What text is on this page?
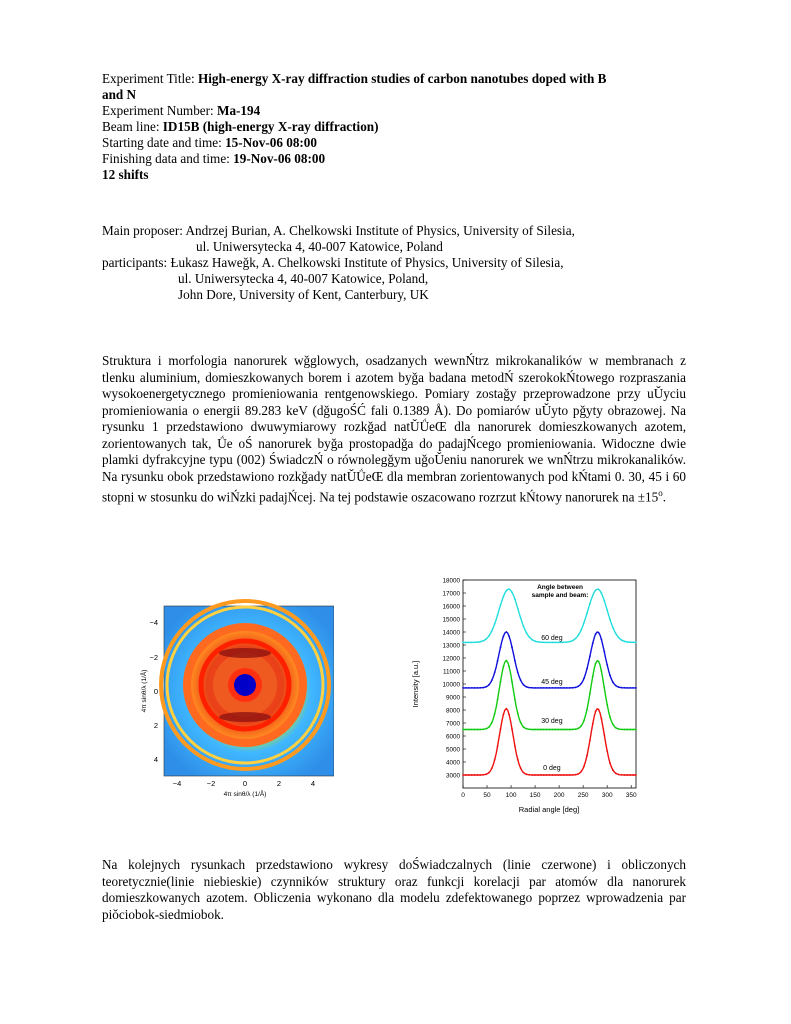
Experiment Title: High-energy X-ray diffraction studies of carbon nanotubes doped with B
and N
Experiment Number: Ma-194
Beam line: ID15B (high-energy X-ray diffraction)
Starting date and time: 15-Nov-06 08:00
Finishing data and time: 19-Nov-06 08:00
12 shifts
Main proposer: Andrzej Burian, A. Chelkowski Institute of Physics, University of Silesia,
ul. Uniwersytecka 4, 40-007 Katowice, Poland
participants: Ƚukasz Haweǧk, A. Chelkowski Institute of Physics, University of Silesia,
ul. Uniwersytecka 4, 40-007 Katowice, Poland,
John Dore, University of Kent, Canterbury, UK

Struktura i morfologia nanorurek wǧglowych, osadzanych wewnŃtrz mikrokanalików w membranach z tlenku aluminium, domieszkowanych borem i azotem byǧa badana metodŃ szerokokŃtowego rozpraszania wysokoenergetycznego promieniowania rentgenowskiego. Pomiary zostaǧy przeprowadzone przy uǓyciu promieniowania o energii 89.283 keV (dǧugoŚĆ fali 0.1389 Å). Do pomiarów uǓyto pǧyty obrazowej. Na rysunku 1 przedstawiono dwuwymiarowy rozkǧad natǓǗeŒ dla nanorurek domieszkowanych azotem, zorientowanych tak, Ǘe oŚ nanorurek byǧa prostopadǧa do padajŃcego promieniowania. Widoczne dwie plamki dyfrakcyjne typu (002) ŚwiadczŃ o równolegǧym uǧoǓeniu nanorurek we wnŃtrzu mikrokanalików. Na rysunku obok przedstawiono rozkǧady natǓǗeŒ dla membran zorientowanych pod kŃtami 0. 30, 45 i 60 stopni w stosunku do wiŃzki padajŃcej. Na tej podstawie oszacowano rozrzut kŃtowy nanorurek na $\pm 15^o$.

−4
−2
0
2
4
−4	−2	0	2	4
4π sinθ/λ (1/Å)
4π sinθ/λ (1/Å)
3000
4000
5000
6000
7000
8000
9000
10000
11000
12000
13000
14000
15000
16000
17000
18000
0	50 100 150 200 250 300 350
0 deg
30 deg
45 deg
60 deg
Angle between
sample and beam:
Radial angle [deg]
Intensity [a.u.]

Na kolejnych rysunkach przedstawiono wykresy doŚwiadczalnych (linie czerwone) i obliczonych teoretycznie(linie niebieskie) czynników struktury oraz funkcji korelacji par atomów dla nanorurek domieszkowanych azotem. Obliczenia wykonano dla modelu zdefektowanego poprzez wprowadzenia par piǒciobok-siedmiobok.
